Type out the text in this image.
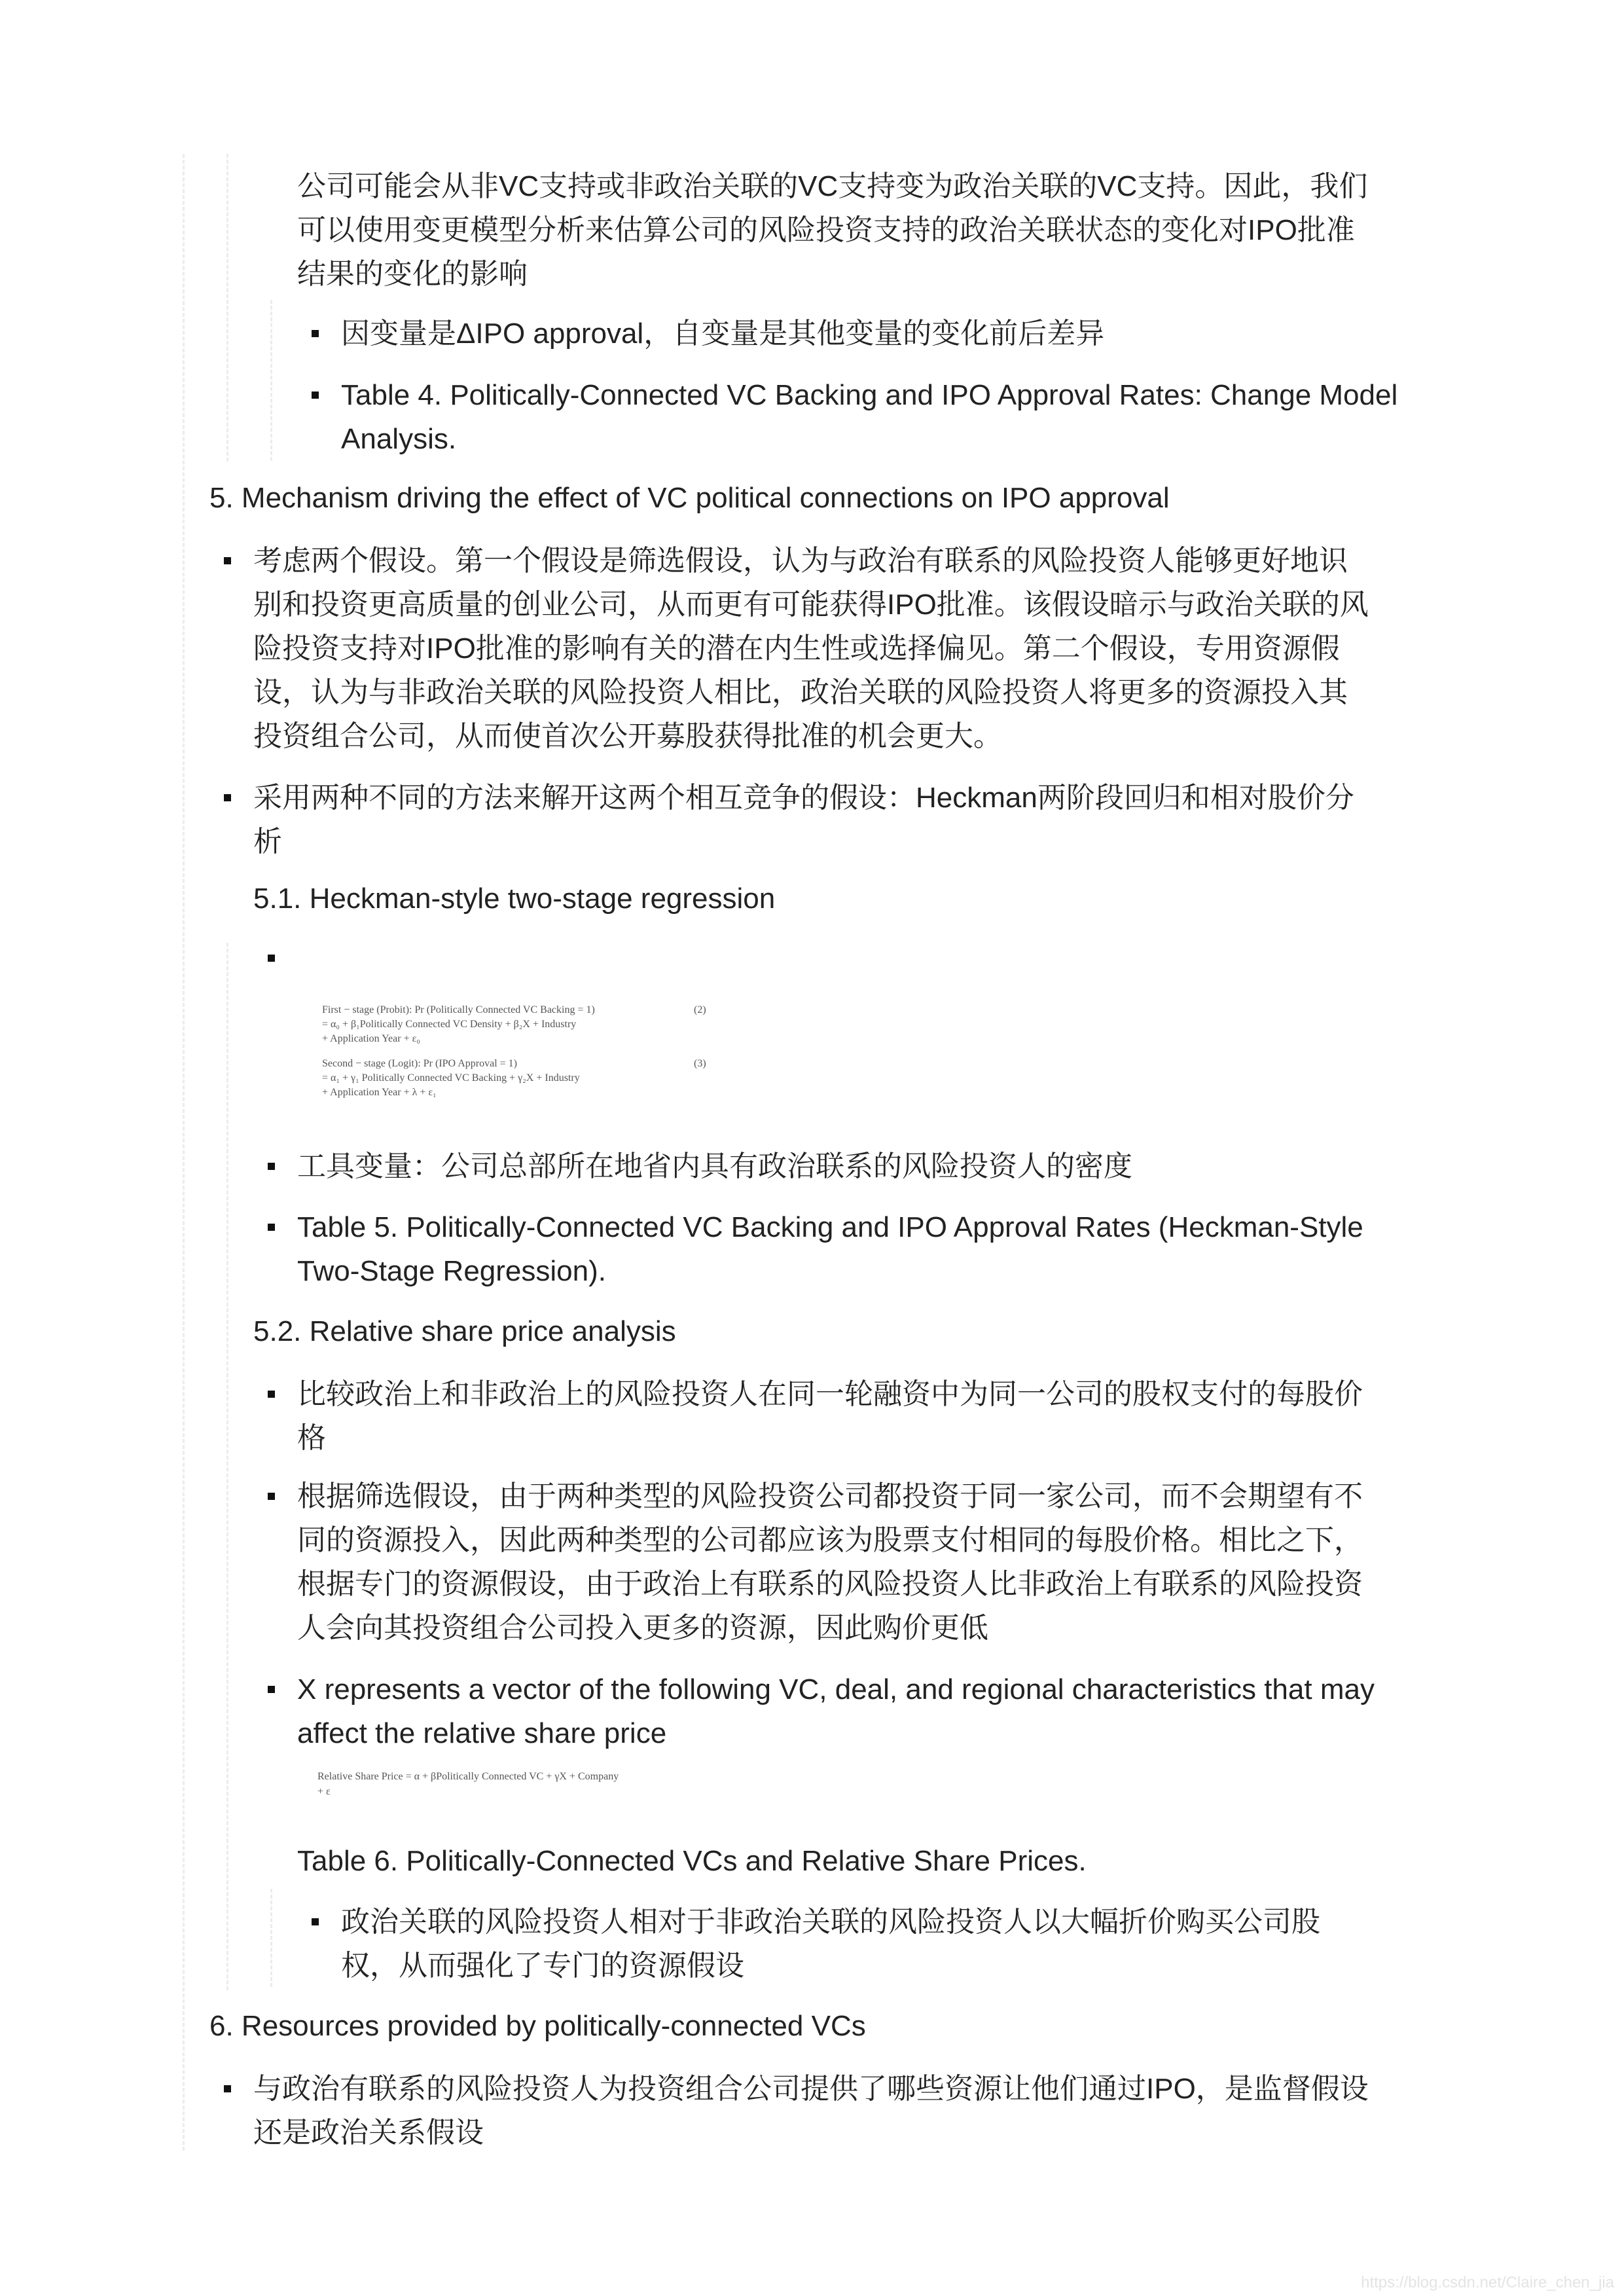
公司可能会从非VC支持或非政治关联的VC支持变为政治关联的VC支持。因此，我们
可以使用变更模型分析来估算公司的风险投资支持的政治关联状态的变化对IPO批准
结果的变化的影响
因变量是ΔIPO approval，自变量是其他变量的变化前后差异
Table 4. Politically-Connected VC Backing and IPO Approval Rates: Change Model
Analysis.
5. Mechanism driving the effect of VC political connections on IPO approval
考虑两个假设。第一个假设是筛选假设，认为与政治有联系的风险投资人能够更好地识
别和投资更高质量的创业公司，从而更有可能获得IPO批准。该假设暗示与政治关联的风
险投资支持对IPO批准的影响有关的潜在内生性或选择偏见。第二个假设，专用资源假
设，认为与非政治关联的风险投资人相比，政治关联的风险投资人将更多的资源投入其
投资组合公司，从而使首次公开募股获得批准的机会更大。
采用两种不同的方法来解开这两个相互竞争的假设：Heckman两阶段回归和相对股价分
析
5.1. Heckman-style two-stage regression
First − stage (Probit): Pr (Politically Connected VC Backing = 1)
= α₀ + β₁Politically Connected VC Density + β₂X + Industry
+ Application Year + ε₀
(2)
Second − stage (Logit): Pr (IPO Approval = 1)
= α₁ + γ₁ Politically Connected VC Backing + γ₂X + Industry
+ Application Year + λ + ε₁
(3)
工具变量：公司总部所在地省内具有政治联系的风险投资人的密度
Table 5. Politically-Connected VC Backing and IPO Approval Rates (Heckman-Style
Two-Stage Regression).
5.2. Relative share price analysis
比较政治上和非政治上的风险投资人在同一轮融资中为同一公司的股权支付的每股价
格
根据筛选假设，由于两种类型的风险投资公司都投资于同一家公司，而不会期望有不
同的资源投入，因此两种类型的公司都应该为股票支付相同的每股价格。相比之下，
根据专门的资源假设，由于政治上有联系的风险投资人比非政治上有联系的风险投资
人会向其投资组合公司投入更多的资源，因此购价更低
X represents a vector of the following VC, deal, and regional characteristics that may
affect the relative share price
Relative Share Price = α + βPolitically Connected VC + γX + Company
+ ε
Table 6. Politically-Connected VCs and Relative Share Prices.
政治关联的风险投资人相对于非政治关联的风险投资人以大幅折价购买公司股
权，从而强化了专门的资源假设
6. Resources provided by politically-connected VCs
与政治有联系的风险投资人为投资组合公司提供了哪些资源让他们通过IPO，是监督假设
还是政治关系假设
https://blog.csdn.net/Claire_chen_jia
